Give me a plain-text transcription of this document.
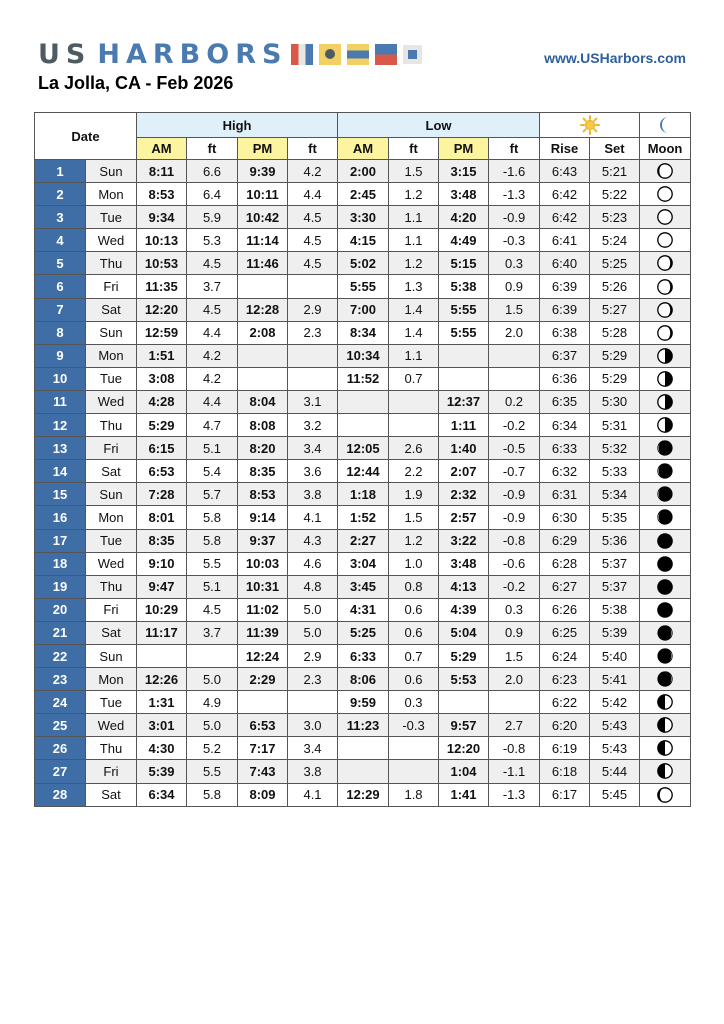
US HARBORS	www.USHarbors.com
La Jolla, CA - Feb 2026
Date		High				Low	

		AM	ft	PM	ft	AM	ft	PM	ft	Rise	Set	Moon
1	Sun	8:11	6.6	9:39	4.2	2:00	1.5	3:15	-1.6	6:43	5:21	

2	Mon	8:53	6.4	10:11	4.4	2:45	1.2	3:48	-1.3	6:42	5:22	

3	Tue	9:34	5.9	10:42	4.5	3:30	1.1	4:20	-0.9	6:42	5:23	

4	Wed	10:13	5.3	11:14	4.5	4:15	1.1	4:49	-0.3	6:41	5:24	

5	Thu	10:53	4.5	11:46	4.5	5:02	1.2	5:15	0.3	6:40	5:25	

6	Fri	11:35	3.7			5:55	1.3	5:38	0.9	6:39	5:26	

7	Sat	12:20	4.5	12:28	2.9	7:00	1.4	5:55	1.5	6:39	5:27	

8	Sun	12:59	4.4	2:08	2.3	8:34	1.4	5:55	2.0	6:38	5:28	

9	Mon	1:51	4.2			10:34	1.1			6:37	5:29	

10	Tue	3:08	4.2			11:52	0.7			6:36	5:29	

11	Wed	4:28	4.4	8:04	3.1			12:37	0.2	6:35	5:30	

12	Thu	5:29	4.7	8:08	3.2			1:11	-0.2	6:34	5:31	

13	Fri	6:15	5.1	8:20	3.4	12:05	2.6	1:40	-0.5	6:33	5:32	

14	Sat	6:53	5.4	8:35	3.6	12:44	2.2	2:07	-0.7	6:32	5:33	

15	Sun	7:28	5.7	8:53	3.8	1:18	1.9	2:32	-0.9	6:31	5:34	

16	Mon	8:01	5.8	9:14	4.1	1:52	1.5	2:57	-0.9	6:30	5:35	

17	Tue	8:35	5.8	9:37	4.3	2:27	1.2	3:22	-0.8	6:29	5:36	

18	Wed	9:10	5.5	10:03	4.6	3:04	1.0	3:48	-0.6	6:28	5:37	

19	Thu	9:47	5.1	10:31	4.8	3:45	0.8	4:13	-0.2	6:27	5:37	

20	Fri	10:29	4.5	11:02	5.0	4:31	0.6	4:39	0.3	6:26	5:38	

21	Sat	11:17	3.7	11:39	5.0	5:25	0.6	5:04	0.9	6:25	5:39	

22	Sun			12:24	2.9	6:33	0.7	5:29	1.5	6:24	5:40	

23	Mon	12:26	5.0	2:29	2.3	8:06	0.6	5:53	2.0	6:23	5:41	

24	Tue	1:31	4.9			9:59	0.3			6:22	5:42	

25	Wed	3:01	5.0	6:53	3.0	11:23	-0.3	9:57	2.7	6:20	5:43	

26	Thu	4:30	5.2	7:17	3.4			12:20	-0.8	6:19	5:43	

27	Fri	5:39	5.5	7:43	3.8			1:04	-1.1	6:18	5:44	

28	Sat	6:34	5.8	8:09	4.1	12:29	1.8	1:41	-1.3	6:17	5:45	
